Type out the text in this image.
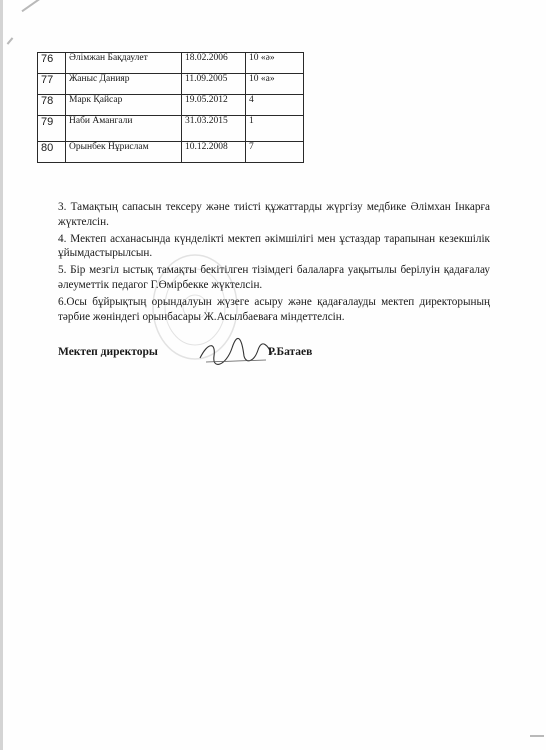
76	Әлімжан Бақдаулет	18.02.2006	10 «ә»
77	Жаныс Данияр	11.09.2005	10 «а»
78	Марк Қайсар	19.05.2012	4
79	Наби Амангали	31.03.2015	1
80	Орынбек Нұрислам	10.12.2008	7

3. Тамақтың сапасын тексеру және тиісті құжаттарды жүргізу медбике Әлімхан Інкарға жүктелсін.

4. Мектеп асханасында күнделікті мектеп әкімшілігі мен ұстаздар тарапынан кезекшілік ұйымдастырылсын.

5. Бір мезгіл ыстық тамақты бекітілген тізімдегі балаларға уақытылы берілуін қадағалау әлеуметтік педагог Г.Өмірбекке жүктелсін.

6.Осы бұйрықтың орындалуын жүзеге асыру және қадағалауды мектеп директорының тәрбие жөніндегі орынбасары Ж.Асылбаеваға міндеттелсін.

Мектеп директоры	Р.Батаев
